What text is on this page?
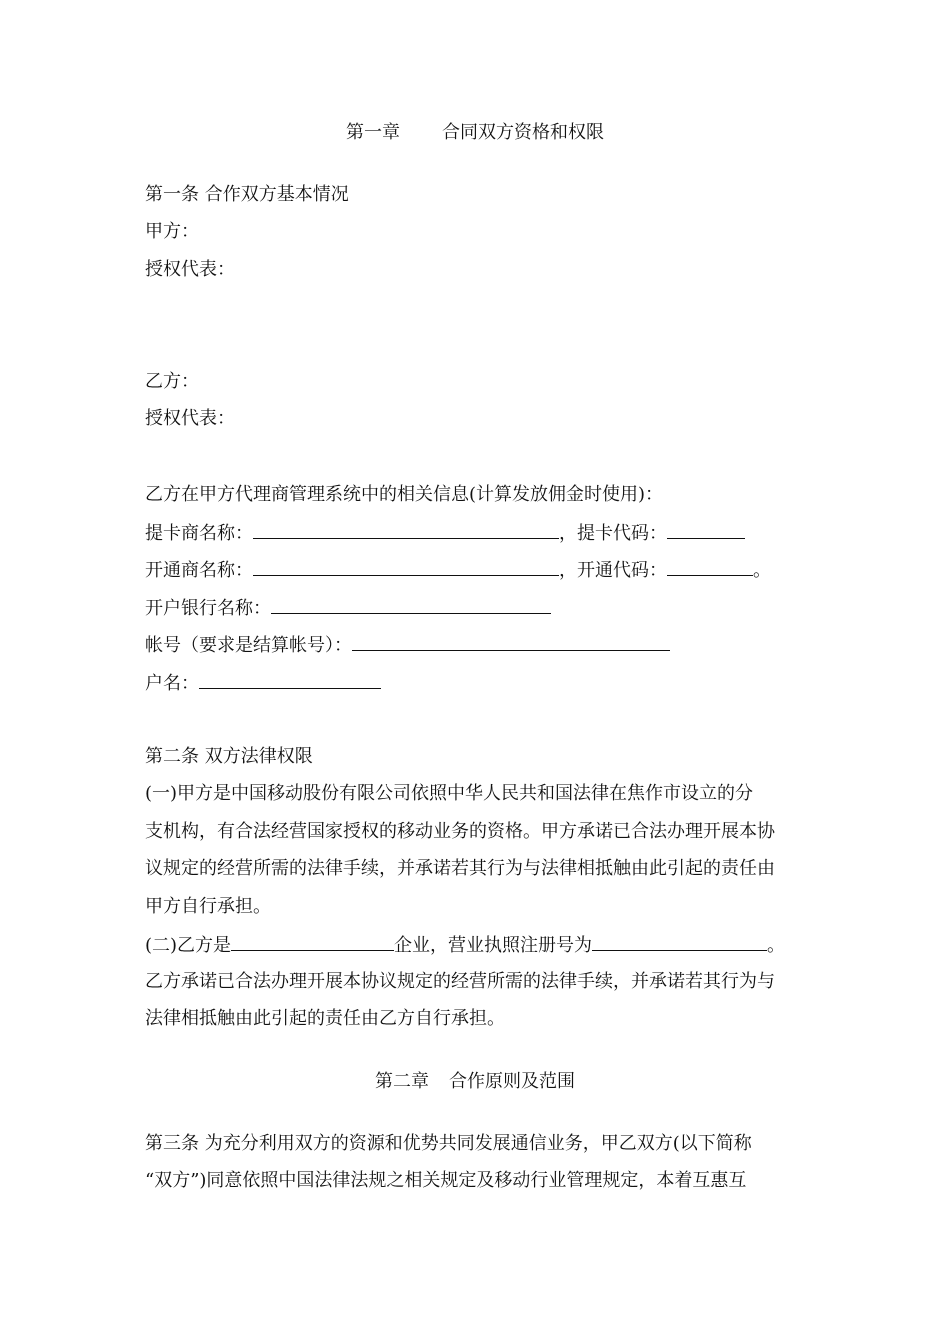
第一章 合同双方资格和权限
第一条 合作双方基本情况
甲方：
授权代表：
乙方：
授权代表：
乙方在甲方代理商管理系统中的相关信息(计算发放佣金时使用)：
提卡商名称：	，提卡代码：
开通商名称：	，开通代码：	。
开户银行名称：
帐号（要求是结算帐号）：
户名：
第二条 双方法律权限
(一)甲方是中国移动股份有限公司依照中华人民共和国法律在焦作市设立的分
支机构，有合法经营国家授权的移动业务的资格。甲方承诺已合法办理开展本协
议规定的经营所需的法律手续，并承诺若其行为与法律相抵触由此引起的责任由
甲方自行承担。
(二)乙方是	企业，营业执照注册号为	。
乙方承诺已合法办理开展本协议规定的经营所需的法律手续，并承诺若其行为与
法律相抵触由此引起的责任由乙方自行承担。
第二章 合作原则及范围
第三条 为充分利用双方的资源和优势共同发展通信业务，甲乙双方(以下简称
“双方”)同意依照中国法律法规之相关规定及移动行业管理规定，本着互惠互
